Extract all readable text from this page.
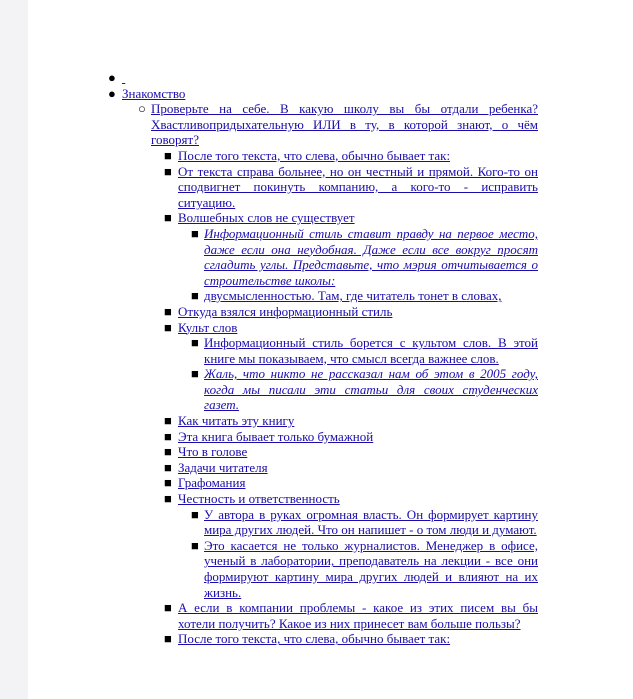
●

● Знакомство
○ Проверьте на себе. В какую школу вы бы отдали ребенка? Хвастливопридыхательную ИЛИ в ту, в которой знают, о чём говорят?
■ После того текста, что слева, обычно бывает так:
■ От текста справа больнее, но он честный и прямой. Кого-то он сподвигнет покинуть компанию, а кого-то - исправить ситуацию.
■ Волшебных слов не существует
■ Информационный стиль ставит правду на первое место, даже если она неудобная. Даже если все вокруг просят сгладить углы. Представьте, что мэрия отчитывается о строительстве школы:
■ двусмысленностью. Там, где читатель тонет в словах,
■ Откуда взялся информационный стиль
■ Культ слов
■ Информационный стиль борется с культом слов. В этой книге мы показываем, что смысл всегда важнее слов.
■ Жаль, что никто не рассказал нам об этом в 2005 году, когда мы писали эти статьи для своих студенческих газет.
■ Как читать эту книгу
■ Эта книга бывает только бумажной
■ Что в голове
■ Задачи читателя
■ Графомания
■ Честность и ответственность
■ У автора в руках огромная власть. Он формирует картину мира других людей. Что он напишет - о том люди и думают.
■ Это касается не только журналистов. Менеджер в офисе, ученый в лаборатории, преподаватель на лекции - все они формируют картину мира других людей и влияют на их жизнь.
■ А если в компании проблемы - какое из этих писем вы бы хотели получить? Какое из них принесет вам больше пользы?
■ После того текста, что слева, обычно бывает так:
